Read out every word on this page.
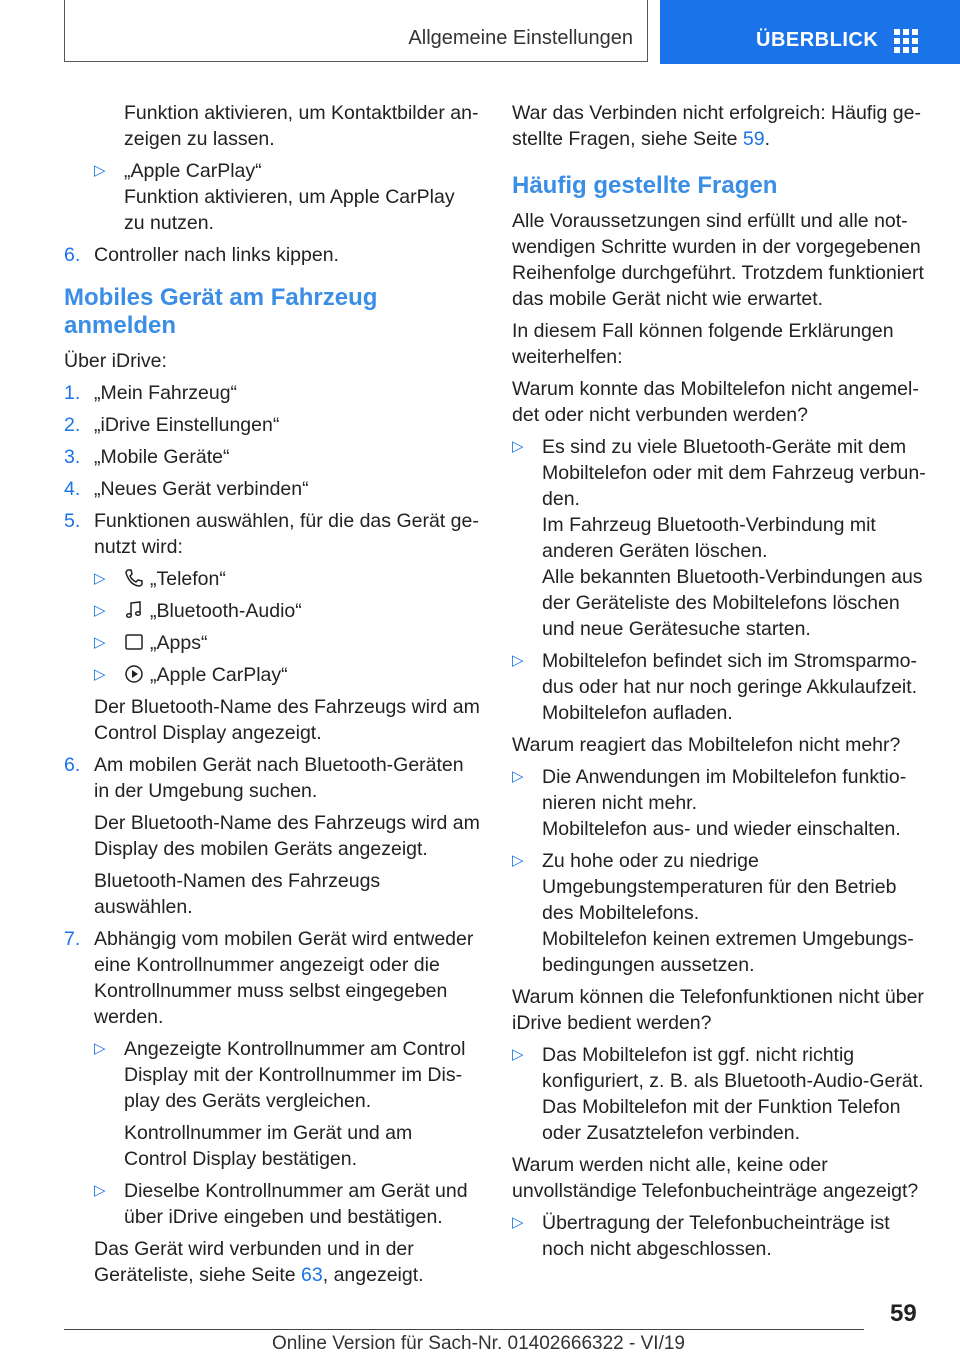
Allgemeine Einstellungen	ÜBERBLICK
Funktion aktivieren, um Kontaktbilder anzeigen zu lassen.
▷ „Apple CarPlay“
Funktion aktivieren, um Apple CarPlay zu nutzen.
6. Controller nach links kippen.
Mobiles Gerät am Fahrzeug anmelden
Über iDrive:
1. „Mein Fahrzeug“
2. „iDrive Einstellungen“
3. „Mobile Geräte“
4. „Neues Gerät verbinden“
5. Funktionen auswählen, für die das Gerät genutzt wird:
▷ „Telefon“
▷ „Bluetooth-Audio“
▷ „Apps“
▷ „Apple CarPlay“
Der Bluetooth-Name des Fahrzeugs wird am Control Display angezeigt.
6. Am mobilen Gerät nach Bluetooth-Geräten in der Umgebung suchen.
Der Bluetooth-Name des Fahrzeugs wird am Display des mobilen Geräts angezeigt.
Bluetooth-Namen des Fahrzeugs auswählen.
7. Abhängig vom mobilen Gerät wird entweder eine Kontrollnummer angezeigt oder die Kontrollnummer muss selbst eingegeben werden.
▷ Angezeigte Kontrollnummer am Control Display mit der Kontrollnummer im Display des Geräts vergleichen.
Kontrollnummer im Gerät und am Control Display bestätigen.
▷ Dieselbe Kontrollnummer am Gerät und über iDrive eingeben und bestätigen.
Das Gerät wird verbunden und in der Geräteliste, siehe Seite 63, angezeigt.
War das Verbinden nicht erfolgreich: Häufig gestellte Fragen, siehe Seite 59.
Häufig gestellte Fragen
Alle Voraussetzungen sind erfüllt und alle notwendigen Schritte wurden in der vorgegebenen Reihenfolge durchgeführt. Trotzdem funktioniert das mobile Gerät nicht wie erwartet.
In diesem Fall können folgende Erklärungen weiterhelfen:
Warum konnte das Mobiltelefon nicht angemeldet oder nicht verbunden werden?
▷ Es sind zu viele Bluetooth-Geräte mit dem Mobiltelefon oder mit dem Fahrzeug verbunden.
Im Fahrzeug Bluetooth-Verbindung mit anderen Geräten löschen.
Alle bekannten Bluetooth-Verbindungen aus der Geräteliste des Mobiltelefons löschen und neue Gerätesuche starten.
▷ Mobiltelefon befindet sich im Stromsparmodus oder hat nur noch geringe Akkulaufzeit.
Mobiltelefon aufladen.
Warum reagiert das Mobiltelefon nicht mehr?
▷ Die Anwendungen im Mobiltelefon funktionieren nicht mehr.
Mobiltelefon aus- und wieder einschalten.
▷ Zu hohe oder zu niedrige Umgebungstemperaturen für den Betrieb des Mobiltelefons.
Mobiltelefon keinen extremen Umgebungsbedingungen aussetzen.
Warum können die Telefonfunktionen nicht über iDrive bedient werden?
▷ Das Mobiltelefon ist ggf. nicht richtig konfiguriert, z. B. als Bluetooth-Audio-Gerät.
Das Mobiltelefon mit der Funktion Telefon oder Zusatztelefon verbinden.
Warum werden nicht alle, keine oder unvollständige Telefonbucheinträge angezeigt?
▷ Übertragung der Telefonbucheinträge ist noch nicht abgeschlossen.
59
Online Version für Sach-Nr. 01402666322 - VI/19
